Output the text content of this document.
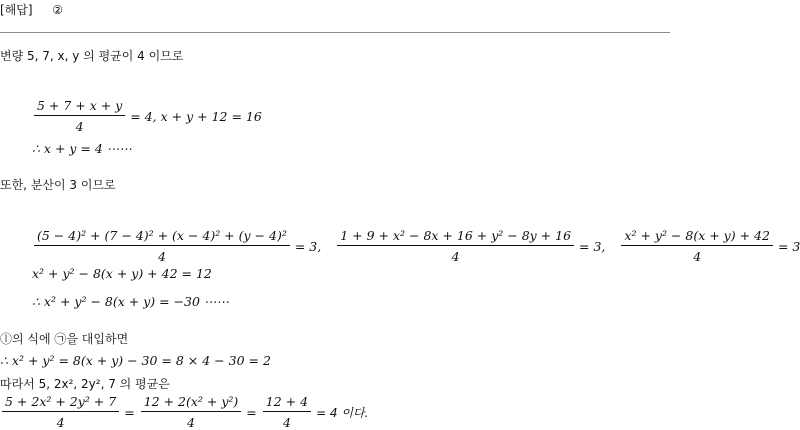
[해답] ②
변량 5, 7, x, y 의 평균이 4 이므로
$\frac{5 + 7 + x + y}{4} = 4$, x + y + 12 = 16
∴ x + y = 4 ⋯⋯
또한, 분산이 3 이므로
$\frac{\text{(5 − 4)² + (7 − 4)² + (x − 4)² + (y − 4)²}}{4} = 3$, $\frac{\text{1 + 9 + x² − 8x + 16 + y² − 8y + 16}}{4} = 3$, $\frac{\text{x² + y² − 8(x + y) + 42}}{4} = 3$
x² + y² − 8(x + y) + 42 = 12
∴ x² + y² − 8(x + y) = −30 ⋯⋯
ⓛ의 식에 ㉠을 대입하면
∴ x² + y² = 8(x + y) − 30 = 8 × 4 − 30 = 2
따라서 5, 2x², 2y², 7 의 평균은
$\frac{\text{5 + 2x² + 2y² + 7}}{4} = \frac{\text{12 + 2(x² + y²)}}{4} = \frac{12 + 4}{4} = 4$ 이다.
